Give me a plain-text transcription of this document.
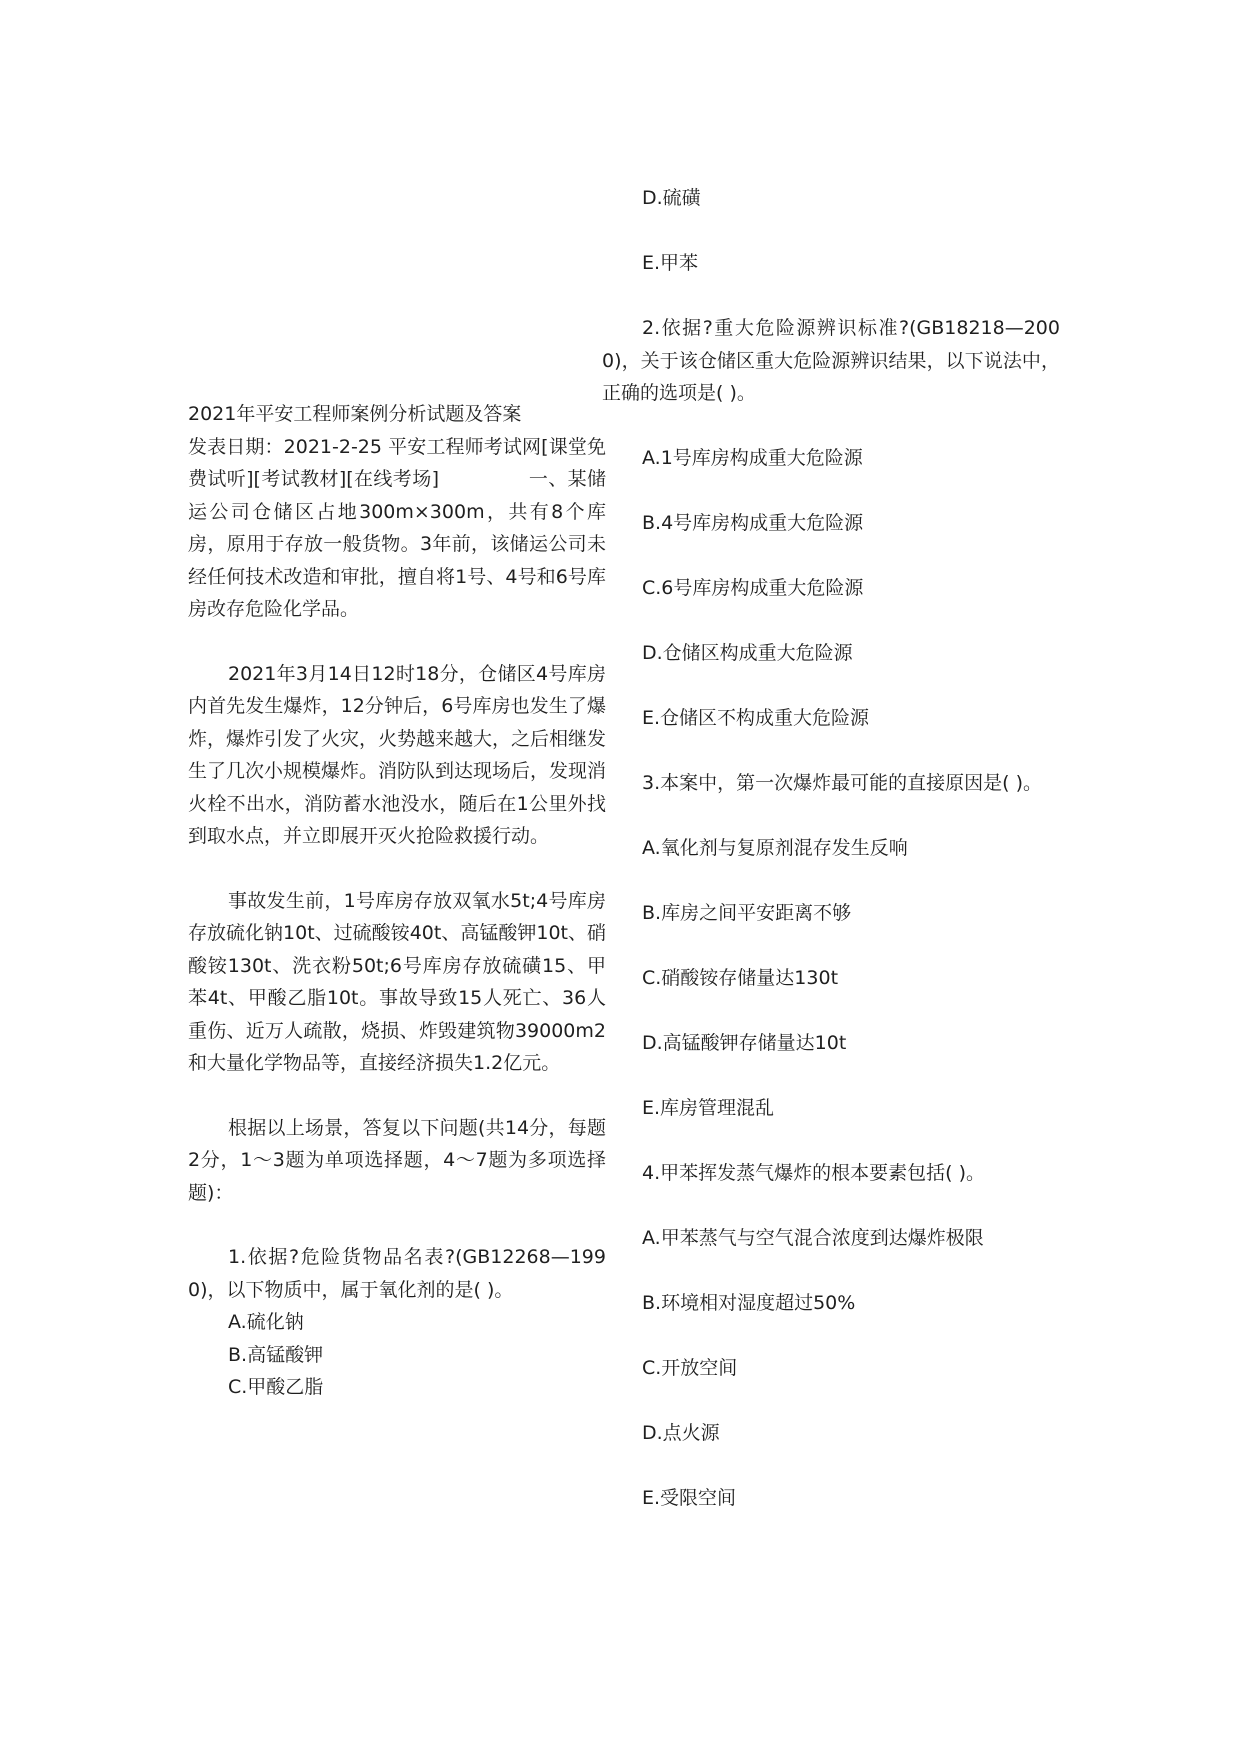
2021年平安工程师案例分析试题及答案

发表日期：2021-2-25 平安工程师考试网[课堂免费试听][考试教材][在线考场]	一、某储运公司仓储区占地300m×300m，共有8个库房，原用于存放一般货物。3年前，该储运公司未经任何技术改造和审批，擅自将1号、4号和6号库房改存危险化学品。

2021年3月14日12时18分，仓储区4号库房内首先发生爆炸，12分钟后，6号库房也发生了爆炸，爆炸引发了火灾，火势越来越大，之后相继发生了几次小规模爆炸。消防队到达现场后，发现消火栓不出水，消防蓄水池没水，随后在1公里外找到取水点，并立即展开灭火抢险救援行动。

事故发生前，1号库房存放双氧水5t;4号库房存放硫化钠10t、过硫酸铵40t、高锰酸钾10t、硝酸铵130t、洗衣粉50t;6号库房存放硫磺15、甲苯4t、甲酸乙脂10t。事故导致15人死亡、36人重伤、近万人疏散，烧损、炸毁建筑物39000m2和大量化学物品等，直接经济损失1.2亿元。

根据以上场景，答复以下问题(共14分，每题2分，1～3题为单项选择题，4～7题为多项选择题)：

1.依据?危险货物品名表?(GB12268—1990)，以下物质中，属于氧化剂的是( )。

A.硫化钠

B.高锰酸钾

C.甲酸乙脂

D.硫磺

E.甲苯

2.依据?重大危险源辨识标准?(GB18218—2000)，关于该仓储区重大危险源辨识结果，以下说法中，正确的选项是( )。

A.1号库房构成重大危险源

B.4号库房构成重大危险源

C.6号库房构成重大危险源

D.仓储区构成重大危险源

E.仓储区不构成重大危险源

3.本案中，第一次爆炸最可能的直接原因是( )。

A.氧化剂与复原剂混存发生反响

B.库房之间平安距离不够

C.硝酸铵存储量达130t

D.高锰酸钾存储量达10t

E.库房管理混乱

4.甲苯挥发蒸气爆炸的根本要素包括( )。

A.甲苯蒸气与空气混合浓度到达爆炸极限

B.环境相对湿度超过50%

C.开放空间

D.点火源

E.受限空间
